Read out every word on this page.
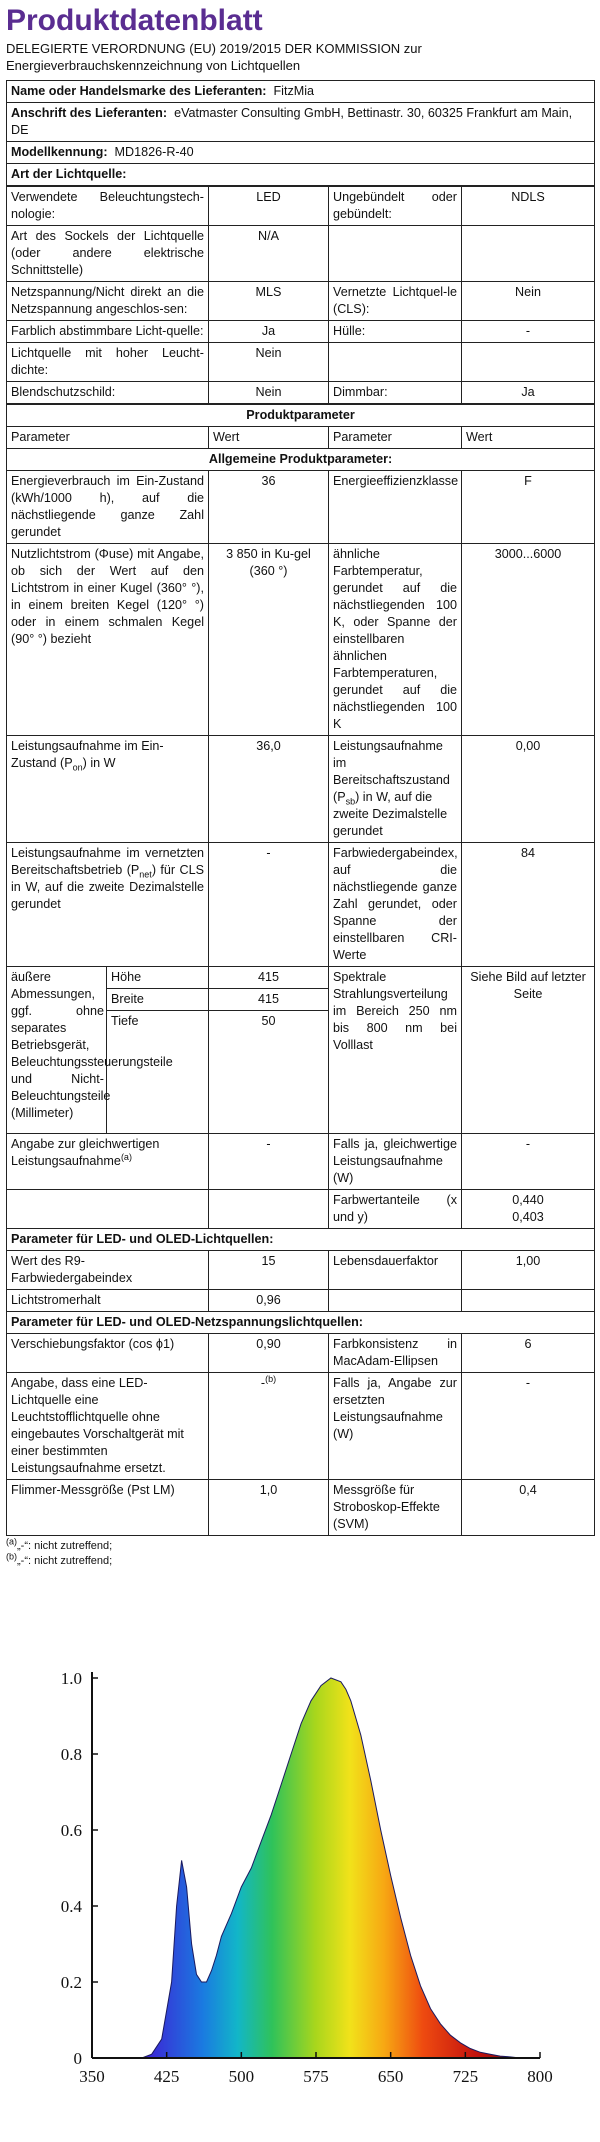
Produktdatenblatt
DELEGIERTE VERORDNUNG (EU) 2019/2015 DER KOMMISSION zur Energieverbrauchskennzeichnung von Lichtquellen
Name oder Handelsmarke des Lieferanten: FitzMia
Anschrift des Lieferanten: eVatmaster Consulting GmbH, Bettinastr. 30, 60325 Frankfurt am Main, DE
Modellkennung: MD1826-R-40
Art der Lichtquelle:
Verwendete Beleuchtungstech-nologie:	LED	Ungebündelt oder gebündelt:	NDLS
Art des Sockels der Lichtquelle (oder andere elektrische Schnittstelle)	N/A		
Netzspannung/Nicht direkt an die Netzspannung angeschlos-sen:	MLS	Vernetzte Lichtquel-le (CLS):	Nein
Farblich abstimmbare Licht-quelle:	Ja	Hülle:	-
Lichtquelle mit hoher Leucht-dichte:	Nein		
Blendschutzschild:	Nein	Dimmbar:	Ja
Produktparameter				
Parameter		Wert	Parameter	Wert
Allgemeine Produktparameter:				
Energieverbrauch im Ein-Zustand (kWh/1000 h), auf die nächstliegende ganze Zahl gerundet		36	Energieeffizienzklasse	F
Nutzlichtstrom (Φuse) mit Angabe, ob sich der Wert auf den Lichtstrom in einer Kugel (360° °), in einem breiten Kegel (120° °) oder in einem schmalen Kegel (90° °) bezieht		3 850 in Ku-gel (360 °)	ähnliche Farbtemperatur, gerundet auf die nächstliegenden 100 K, oder Spanne der einstellbaren ähnlichen Farbtemperaturen, gerundet auf die nächstliegenden 100 K	3000...6000
Leistungsaufnahme im Ein-Zustand $(P_{on})$ in W		36,0	Leistungsaufnahme im Bereitschaftszustand $(P_{sb})$ in W, auf die zweite Dezimalstelle gerundet	0,00
Leistungsaufnahme im vernetzten Bereitschaftsbetrieb $(P_{net})$ für CLS in W, auf die zweite Dezimalstelle gerundet		-	Farbwiedergabeindex, auf die nächstliegende ganze Zahl gerundet, oder Spanne der einstellbaren CRI-Werte	84
äußere Abmessungen, ggf. ohne separates Betriebsgerät, Beleuchtungssteuerungsteile und Nicht-Beleuchtungsteile (Millimeter)	Höhe	415	Spektrale Strahlungsverteilung im Bereich 250 nm bis 800 nm bei Volllast	Siehe Bild auf letzter Seite
	Breite	415		
	Tiefe	50		
Angabe zur gleichwertigen Leistungsaufnahme$^{(a)}$		-	Falls ja, gleichwertige Leistungsaufnahme (W)	-
			Farbwertanteile (x und y)	0,440
0,403

Parameter für LED- und OLED-Lichtquellen:				
Wert des R9-Farbwiedergabeindex		15	Lebensdauerfaktor	1,00
Lichtstromerhalt		0,96		
Parameter für LED- und OLED-Netzspannungslichtquellen:				
Verschiebungsfaktor (cos ϕ1)		0,90	Farbkonsistenz in MacAdam-Ellipsen	6
Angabe, dass eine LED-Lichtquelle eine Leuchtstofflichtquelle ohne eingebautes Vorschaltgerät mit einer bestimmten Leistungsaufnahme ersetzt.		-$^{(b)}$	Falls ja, Angabe zur ersetzten Leistungsaufnahme (W)	-
Flimmer-Messgröße (Pst LM)		1,0	Messgröße für Stroboskop-Effekte (SVM)	0,4
$^{(a)}$„-“: nicht zutreffend;
$^{(b)}$„-“: nicht zutreffend;
350	425	500	575	650	725	800
0
0.2
0.4
0.6
0.8
1.0
